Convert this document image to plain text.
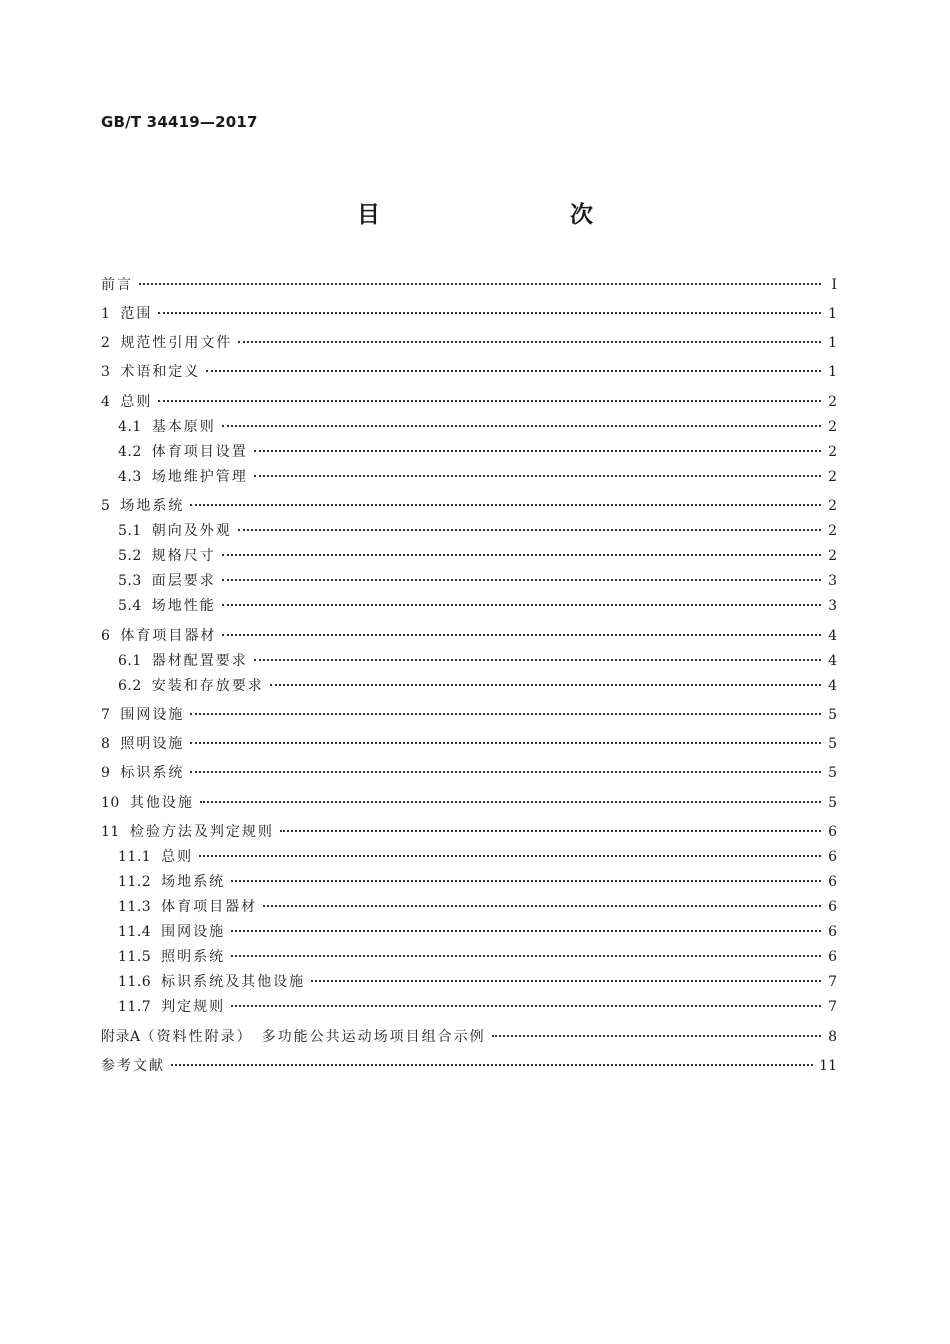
GB/T 34419—2017
目　　次
前言	Ⅰ
1 范围	1
2 规范性引用文件	1
3 术语和定义	1
4 总则	2
4.1 基本原则	2
4.2 体育项目设置	2
4.3 场地维护管理	2
5 场地系统	2
5.1 朝向及外观	2
5.2 规格尺寸	2
5.3 面层要求	3
5.4 场地性能	3
6 体育项目器材	4
6.1 器材配置要求	4
6.2 安装和存放要求	4
7 围网设施	5
8 照明设施	5
9 标识系统	5
10 其他设施	5
11 检验方法及判定规则	6
11.1 总则	6
11.2 场地系统	6
11.3 体育项目器材	6
11.4 围网设施	6
11.5 照明系统	6
11.6 标识系统及其他设施	7
11.7 判定规则	7
附录A （资料性附录）　多功能公共运动场项目组合示例	8
参考文献	11
